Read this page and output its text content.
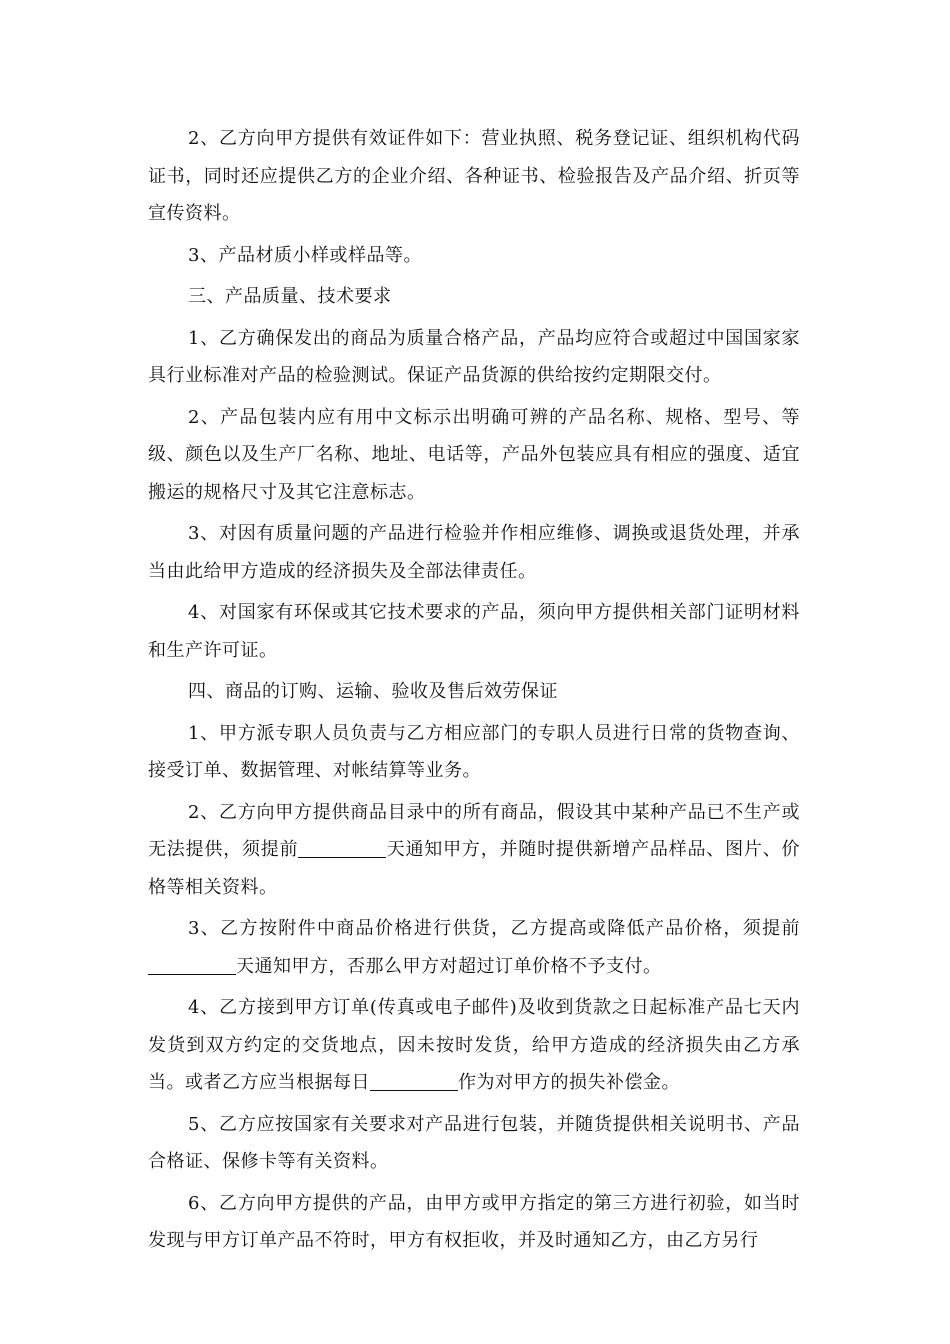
2、乙方向甲方提供有效证件如下：营业执照、税务登记证、组织机构代码证书，同时还应提供乙方的企业介绍、各种证书、检验报告及产品介绍、折页等宣传资料。

3、产品材质小样或样品等。

三、产品质量、技术要求

1、乙方确保发出的商品为质量合格产品，产品均应符合或超过中国国家家具行业标准对产品的检验测试。保证产品货源的供给按约定期限交付。

2、产品包装内应有用中文标示出明确可辨的产品名称、规格、型号、等级、颜色以及生产厂名称、地址、电话等，产品外包装应具有相应的强度、适宜搬运的规格尺寸及其它注意标志。

3、对因有质量问题的产品进行检验并作相应维修、调换或退货处理，并承当由此给甲方造成的经济损失及全部法律责任。

4、对国家有环保或其它技术要求的产品，须向甲方提供相关部门证明材料和生产许可证。

四、商品的订购、运输、验收及售后效劳保证

1、甲方派专职人员负责与乙方相应部门的专职人员进行日常的货物查询、接受订单、数据管理、对帐结算等业务。

2、乙方向甲方提供商品目录中的所有商品，假设其中某种产品已不生产或无法提供，须提前	天通知甲方，并随时提供新增产品样品、图片、价格等相关资料。

3、乙方按附件中商品价格进行供货，乙方提高或降低产品价格，须提前天通知甲方，否那么甲方对超过订单价格不予支付。

4、乙方接到甲方订单(传真或电子邮件)及收到货款之日起标准产品七天内发货到双方约定的交货地点，因未按时发货，给甲方造成的经济损失由乙方承当。或者乙方应当根据每日	作为对甲方的损失补偿金。

5、乙方应按国家有关要求对产品进行包装，并随货提供相关说明书、产品合格证、保修卡等有关资料。

6、乙方向甲方提供的产品，由甲方或甲方指定的第三方进行初验，如当时发现与甲方订单产品不符时，甲方有权拒收，并及时通知乙方，由乙方另行
